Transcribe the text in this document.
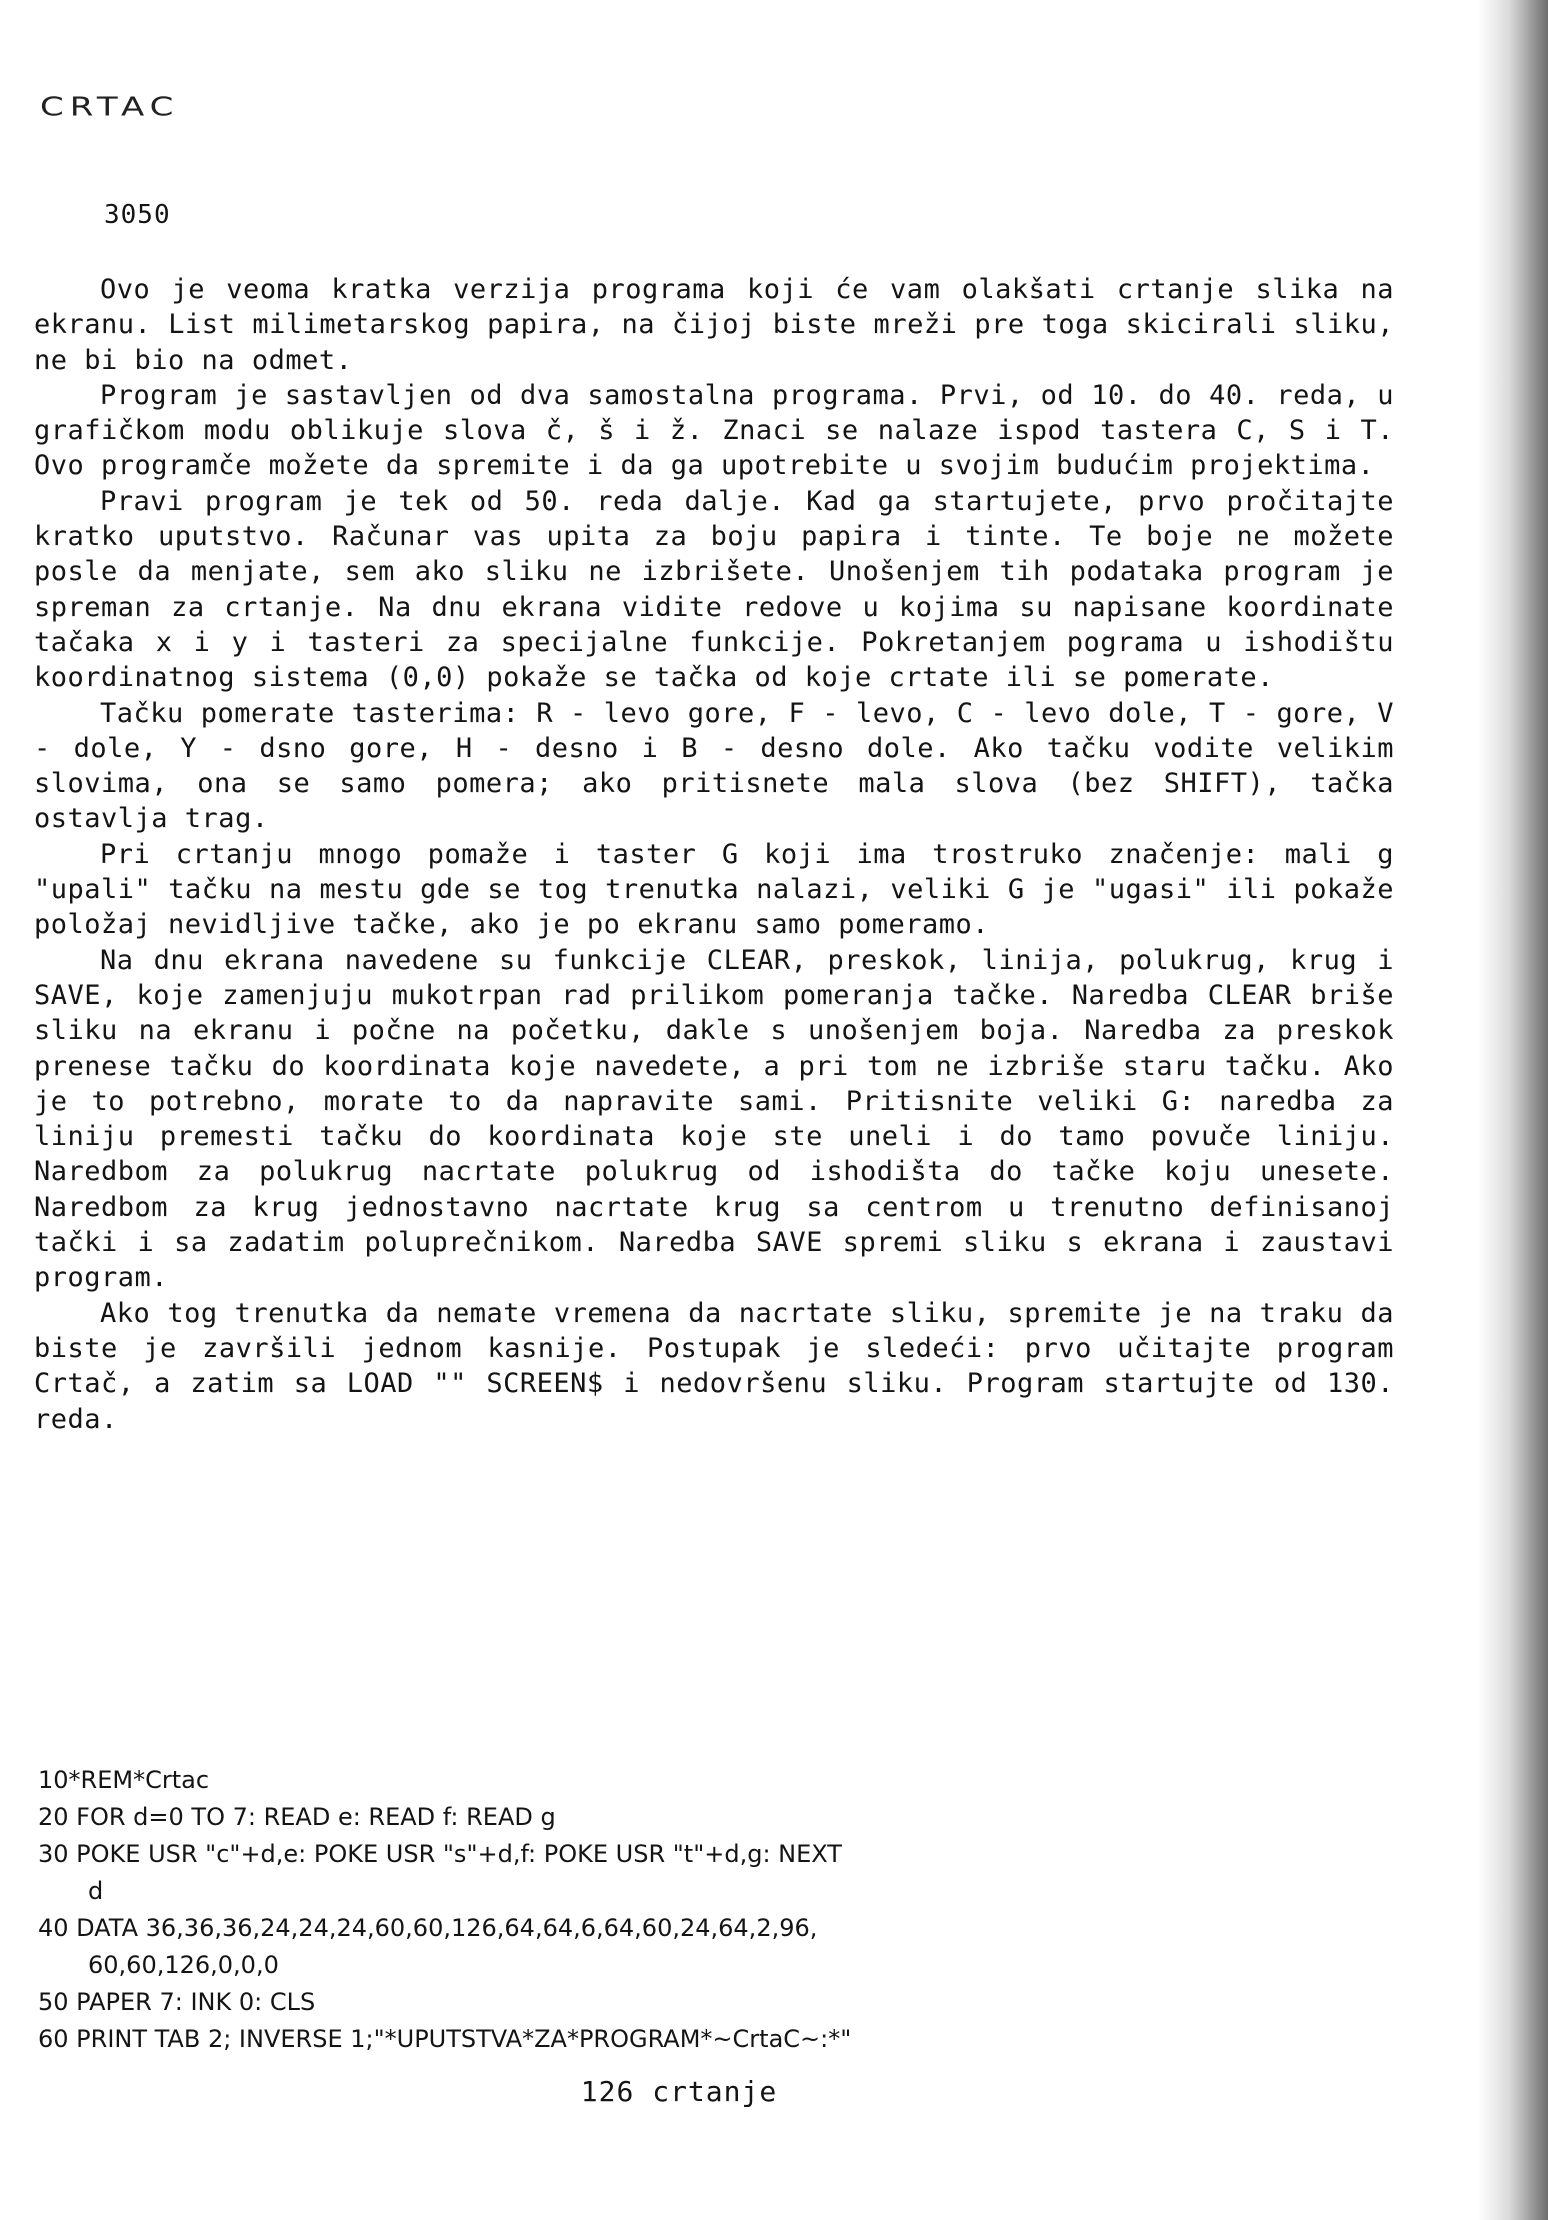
CRTAC
3050

Ovo je veoma kratka verzija programa koji će vam olakšati crtanje slika na ekranu. List milimetarskog papira, na čijoj biste mreži pre toga skicirali sliku, ne bi bio na odmet.

Program je sastavljen od dva samostalna programa. Prvi, od 10. do 40. reda, u grafičkom modu oblikuje slova č, š i ž. Znaci se nalaze ispod tastera C, S i T. Ovo programče možete da spremite i da ga upotrebite u svojim budućim projektima.

Pravi program je tek od 50. reda dalje. Kad ga startujete, prvo pročitajte kratko uputstvo. Računar vas upita za boju papira i tinte. Te boje ne možete posle da menjate, sem ako sliku ne izbrišete. Unošenjem tih podataka program je spreman za crtanje. Na dnu ekrana vidite redove u kojima su napisane koordinate tačaka x i y i tasteri za specijalne funkcije. Pokretanjem pograma u ishodištu koordinatnog sistema (0,0) pokaže se tačka od koje crtate ili se pomerate.

Tačku pomerate tasterima: R - levo gore, F - levo, C - levo dole, T - gore, V - dole, Y - dsno gore, H - desno i B - desno dole. Ako tačku vodite velikim slovima, ona se samo pomera; ako pritisnete mala slova (bez SHIFT), tačka ostavlja trag.

Pri crtanju mnogo pomaže i taster G koji ima trostruko značenje: mali g "upali" tačku na mestu gde se tog trenutka nalazi, veliki G je "ugasi" ili pokaže položaj nevidljive tačke, ako je po ekranu samo pomeramo.

Na dnu ekrana navedene su funkcije CLEAR, preskok, linija, polukrug, krug i SAVE, koje zamenjuju mukotrpan rad prilikom pomeranja tačke. Naredba CLEAR briše sliku na ekranu i počne na početku, dakle s unošenjem boja. Naredba za preskok prenese tačku do koordinata koje navedete, a pri tom ne izbriše staru tačku. Ako je to potrebno, morate to da napravite sami. Pritisnite veliki G: naredba za liniju premesti tačku do koordinata koje ste uneli i do tamo povuče liniju. Naredbom za polukrug nacrtate polukrug od ishodišta do tačke koju unesete. Naredbom za krug jednostavno nacrtate krug sa centrom u trenutno definisanoj tački i sa zadatim poluprečnikom. Naredba SAVE spremi sliku s ekrana i zaustavi program.

Ako tog trenutka da nemate vremena da nacrtate sliku, spremite je na traku da biste je završili jednom kasnije. Postupak je sledeći: prvo učitajte program Crtač, a zatim sa LOAD "" SCREEN$ i nedovršenu sliku. Program startujte od 130. reda.

10*REM*Crtac
20 FOR d=0 TO 7: READ e: READ f: READ g
30 POKE USR "c"+d,e: POKE USR "s"+d,f: POKE USR "t"+d,g: NEXT
d
40 DATA 36,36,36,24,24,24,60,60,126,64,64,6,64,60,24,64,2,96,
60,60,126,0,0,0
50 PAPER 7: INK 0: CLS
60 PRINT TAB 2; INVERSE 1;"*UPUTSTVA*ZA*PROGRAM*~CrtaC~:*"
126 crtanje
